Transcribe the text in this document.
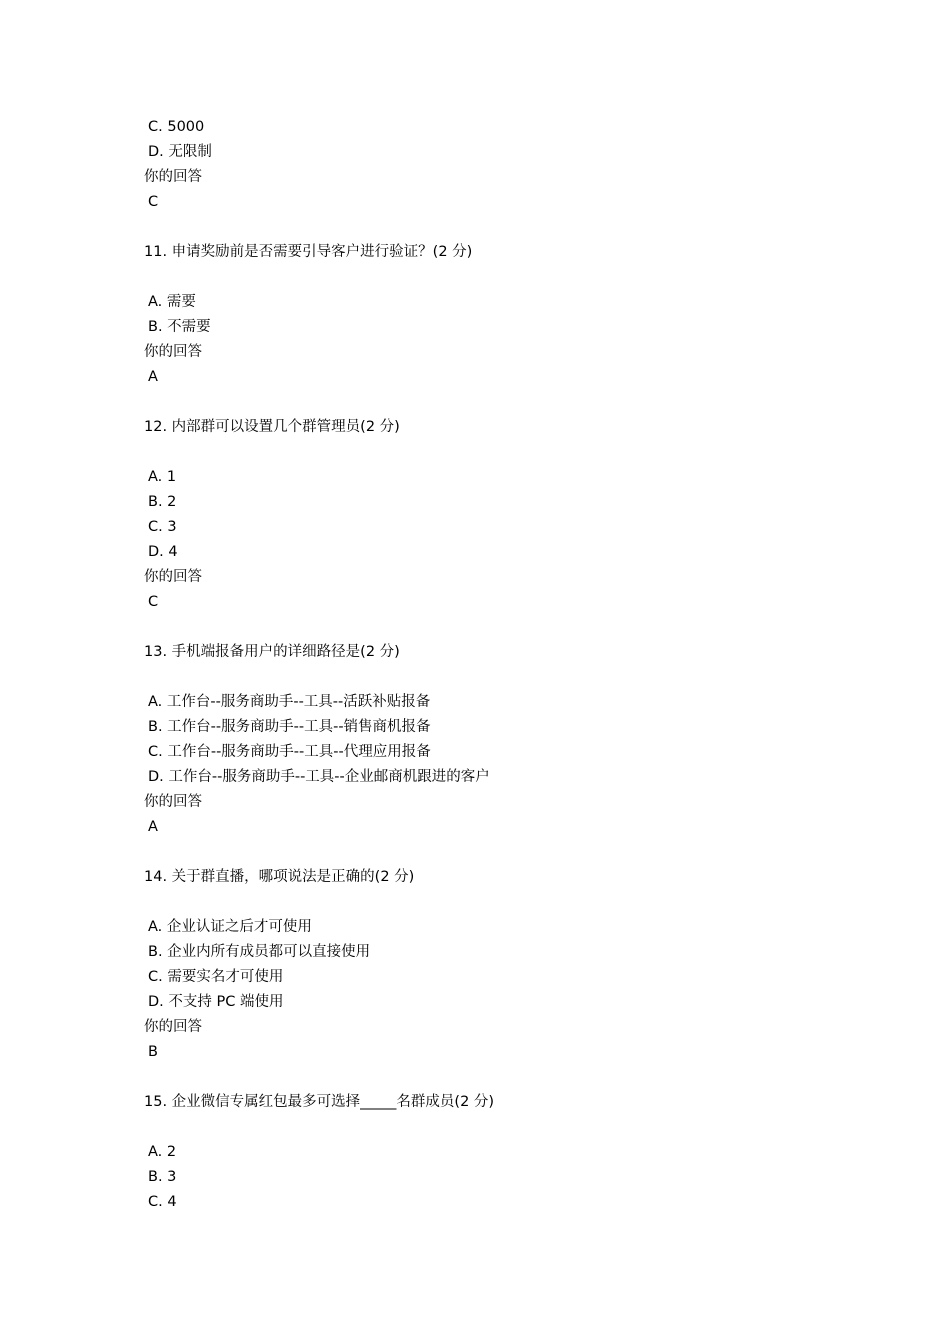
C. 5000
D. 无限制
你的回答
C
11. 申请奖励前是否需要引导客户进行验证？(2 分)
A. 需要
B. 不需要
你的回答
A
12. 内部群可以设置几个群管理员(2 分)
A. 1
B. 2
C. 3
D. 4
你的回答
C
13. 手机端报备用户的详细路径是(2 分)
A. 工作台--服务商助手--工具--活跃补贴报备
B. 工作台--服务商助手--工具--销售商机报备
C. 工作台--服务商助手--工具--代理应用报备
D. 工作台--服务商助手--工具--企业邮商机跟进的客户
你的回答
A
14. 关于群直播，哪项说法是正确的(2 分)
A. 企业认证之后才可使用
B. 企业内所有成员都可以直接使用
C. 需要实名才可使用
D. 不支持 PC 端使用
你的回答
B
15. 企业微信专属红包最多可选择_____名群成员(2 分)
A. 2
B. 3
C. 4
